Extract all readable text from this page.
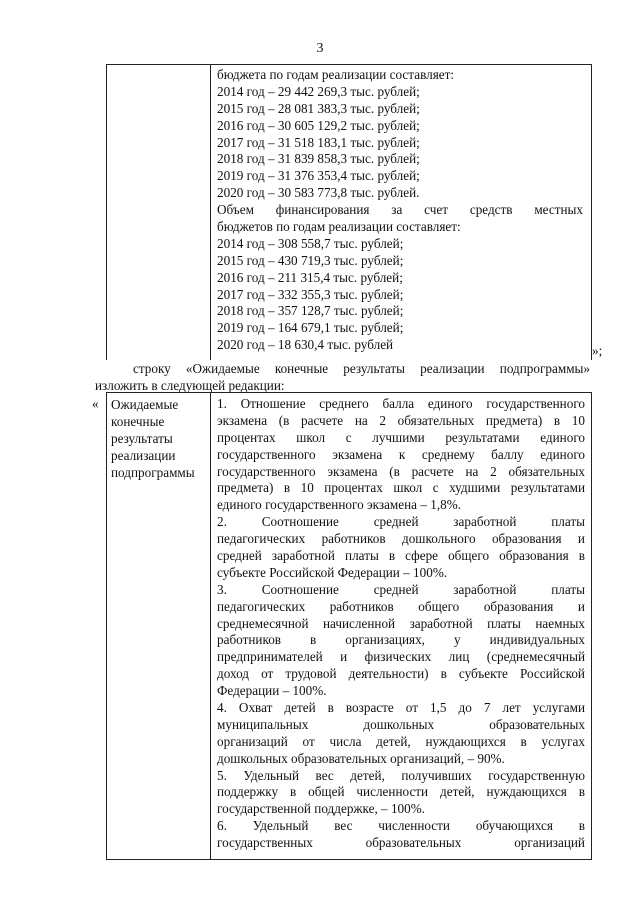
3
бюджета по годам реализации составляет:
2014 год – 29 442 269,3 тыс. рублей;
2015 год – 28 081 383,3 тыс. рублей;
2016 год – 30 605 129,2 тыс. рублей;
2017 год – 31 518 183,1 тыс. рублей;
2018 год – 31 839 858,3 тыс. рублей;
2019 год – 31 376 353,4 тыс. рублей;
2020 год – 30 583 773,8 тыс. рублей.
Объем финансирования за счет средств местных
бюджетов по годам реализации составляет:
2014 год – 308 558,7 тыс. рублей;
2015 год – 430 719,3 тыс. рублей;
2016 год – 211 315,4 тыс. рублей;
2017 год – 332 355,3 тыс. рублей;
2018 год – 357 128,7 тыс. рублей;
2019 год – 164 679,1 тыс. рублей;
2020 год – 18 630,4 тыс. рублей	»;
строку «Ожидаемые конечные результаты реализации подпрограммы»
изложить в следующей редакции:
« Ожидаемые
конечные
результаты
реализации
подпрограммы
1. Отношение среднего балла единого государственного
экзамена (в расчете на 2 обязательных предмета) в 10
процентах школ с лучшими результатами единого
государственного экзамена к среднему баллу единого
государственного экзамена (в расчете на 2 обязательных
предмета) в 10 процентах школ с худшими результатами
единого государственного экзамена – 1,8%.
2. Соотношение средней заработной платы
педагогических работников дошкольного образования и
средней заработной платы в сфере общего образования в
субъекте Российской Федерации – 100%.
3. Соотношение средней заработной платы
педагогических работников общего образования и
среднемесячной начисленной заработной платы наемных
работников в организациях, у индивидуальных
предпринимателей и физических лиц (среднемесячный
доход от трудовой деятельности) в субъекте Российской
Федерации – 100%.
4. Охват детей в возрасте от 1,5 до 7 лет услугами
муниципальных дошкольных образовательных
организаций от числа детей, нуждающихся в услугах
дошкольных образовательных организаций, – 90%.
5. Удельный вес детей, получивших государственную
поддержку в общей численности детей, нуждающихся в
государственной поддержке, – 100%.
6. Удельный вес численности обучающихся в
государственных образовательных организаций
